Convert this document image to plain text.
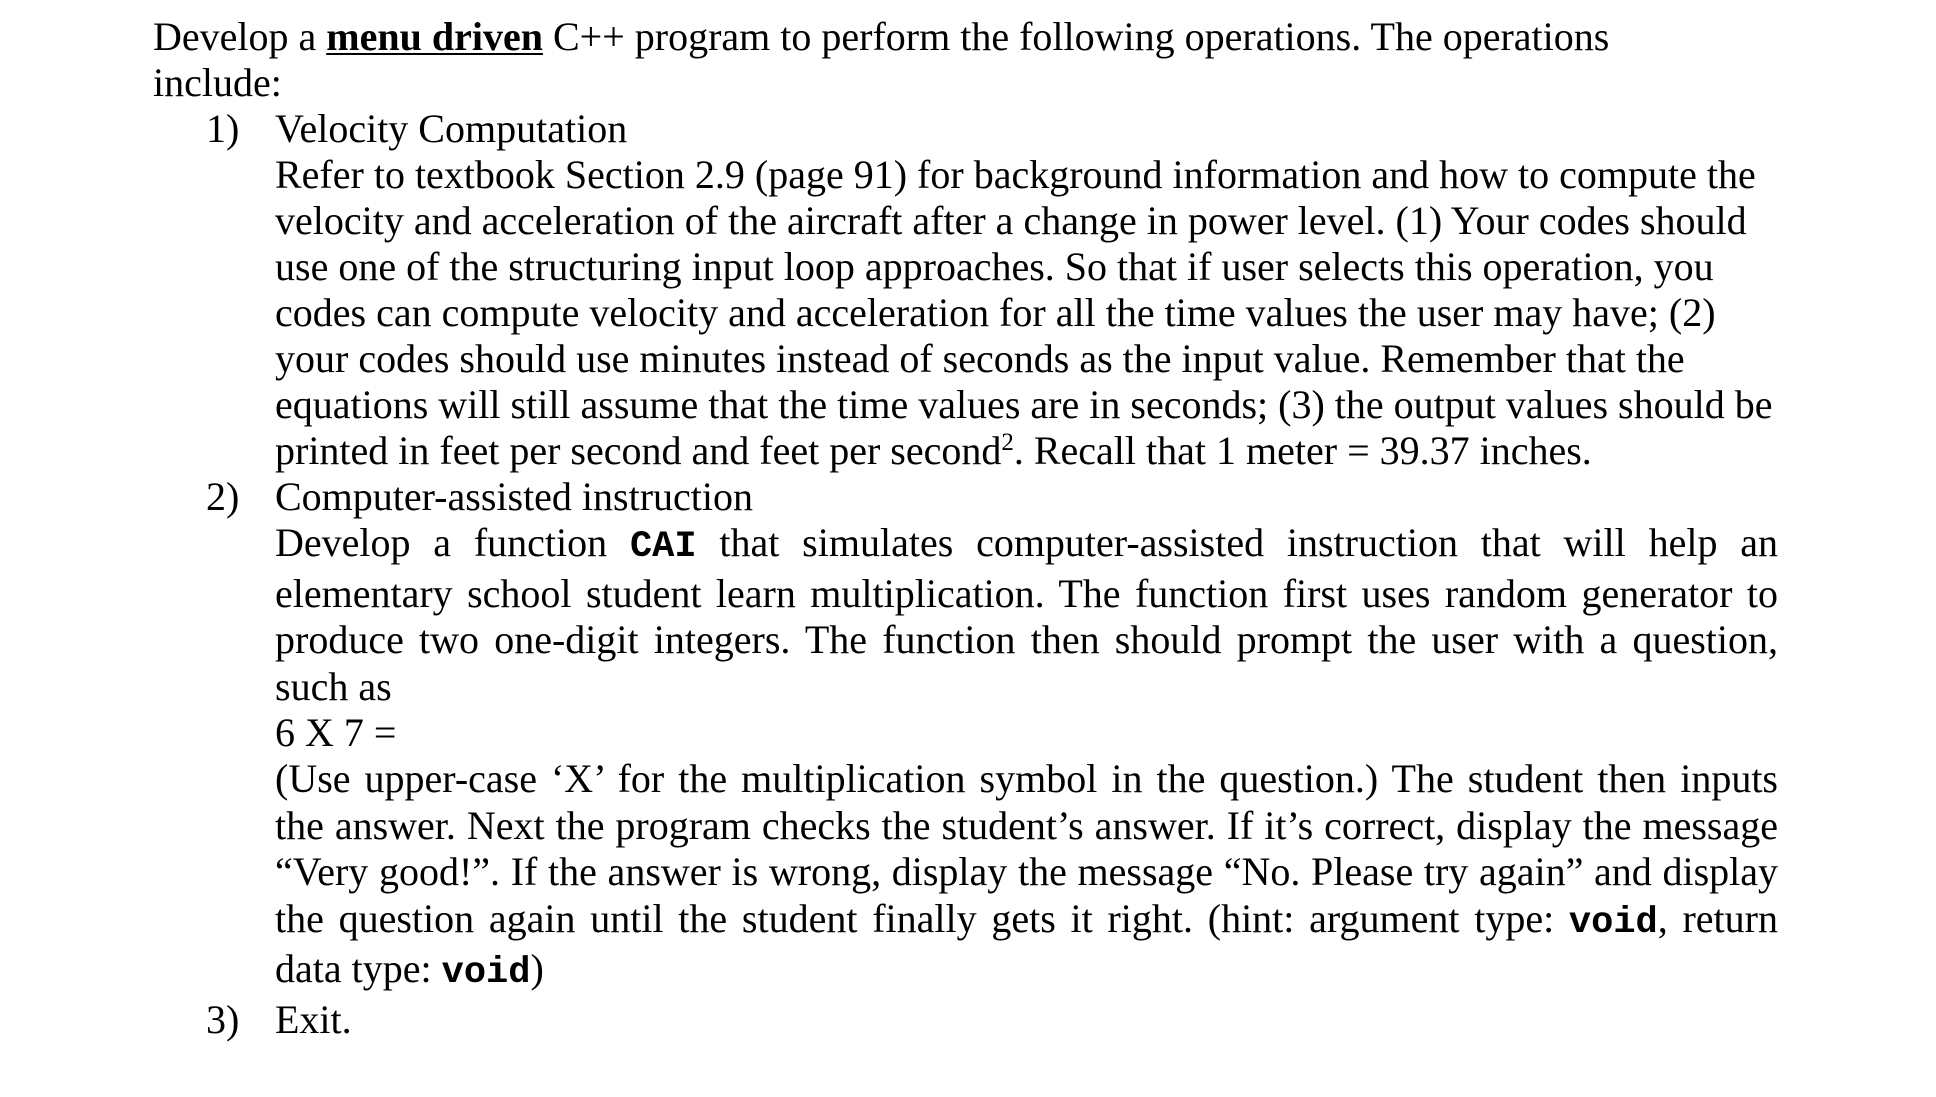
Develop a menu driven C++ program to perform the following operations. The operations include:

1) Velocity Computation

Refer to textbook Section 2.9 (page 91) for background information and how to compute the velocity and acceleration of the aircraft after a change in power level. (1) Your codes should use one of the structuring input loop approaches. So that if user selects this operation, you codes can compute velocity and acceleration for all the time values the user may have; (2) your codes should use minutes instead of seconds as the input value. Remember that the equations will still assume that the time values are in seconds; (3) the output values should be printed in feet per second and feet per second$^2$. Recall that 1 meter = 39.37 inches.

2) Computer-assisted instruction

Develop a function CAI that simulates computer-assisted instruction that will help an elementary school student learn multiplication. The function first uses random generator to produce two one-digit integers. The function then should prompt the user with a question, such as

6 X 7 =

(Use upper-case ‘X’ for the multiplication symbol in the question.) The student then inputs the answer. Next the program checks the student’s answer. If it’s correct, display the message “Very good!”. If the answer is wrong, display the message “No. Please try again” and display the question again until the student finally gets it right. (hint: argument type: void, return data type: void)

3) Exit.
